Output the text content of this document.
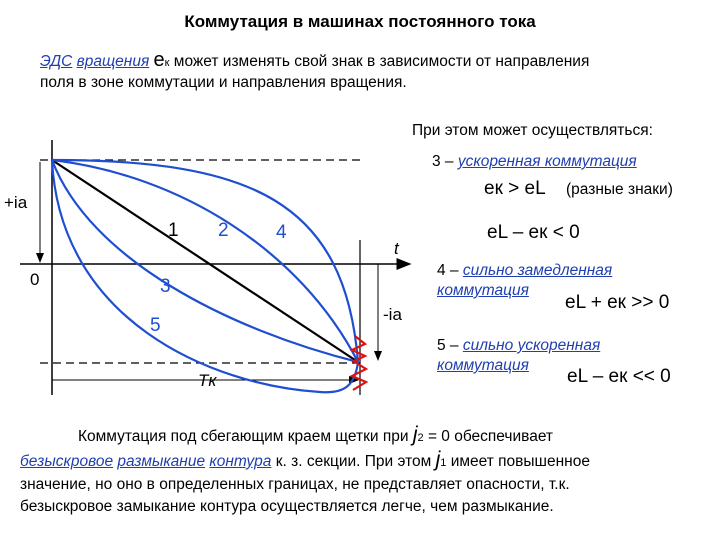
Коммутация в машинах постоянного тока
ЭДС вращения eк может изменять свой знак в зависимости от направления
поля в зоне коммутации и направления вращения.
При этом может осуществляться:
3 – ускоренная коммутация
eк > eL (разные знаки)
eL – eк < 0
4 – сильно замедленная
коммутация
eL + eк >> 0
5 – сильно ускоренная
коммутация
eL – eк << 0
+iа
0
t
-iа
Tк
1 2
3
4
5
Коммутация под сбегающим краем щетки при j2 = 0 обеспечивает
безыскровое размыкание контура к. з. секции. При этом j1 имеет повышенное
значение, но оно в определенных границах, не представляет опасности, т.к.
безыскровое замыкание контура осуществляется легче, чем размыкание.
